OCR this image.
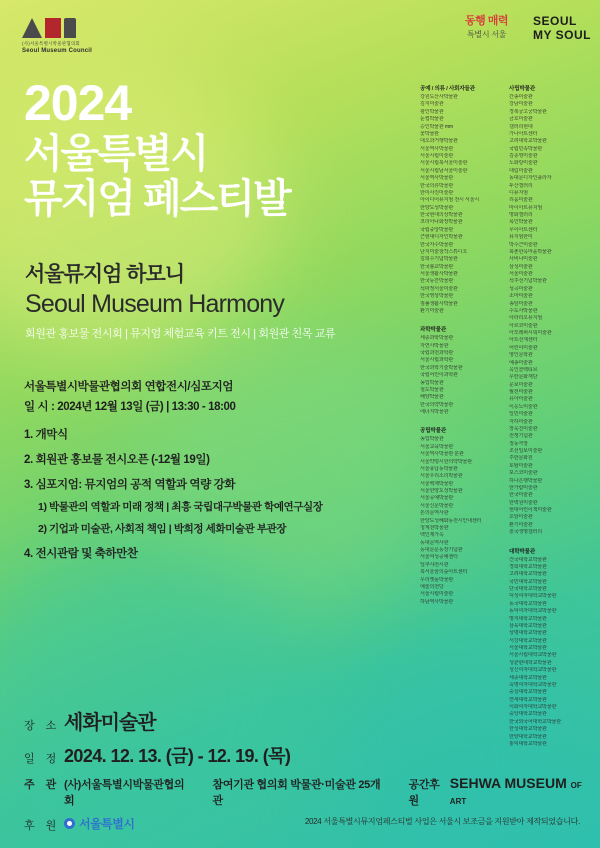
(사)서울특별시박물관협의회
Seoul Museum Council
동행 매력
특별시 서울
SEOUL
MY SOUL
2024
서울특별시
뮤지엄 페스티발
서울뮤지엄 하모니
Seoul Museum Harmony
회원관 홍보물 전시회 | 뮤지엄 체험교육 키트 전시 | 회원관 친목 교류
서울특별시박물관협의회 연합전시/심포지엄
일 시 : 2024년 12월 13일 (금) | 13:30 - 18:00
1. 개막식
2. 회원관 홍보물 전시오픈 (-12월 19일)
3. 심포지엄: 뮤지엄의 공적 역할과 역량 강화
1) 박물관의 역할과 미래 정책 | 최흥 국립대구박물관 학예연구실장
2) 기업과 미술관, 사회적 책임 | 박희정 세화미술관 부관장
4. 전시관람 및 축하만찬
장 소 세화미술관
일 정 2024. 12. 13. (금) - 12. 19. (목)
주 관 (사)서울특별시박물관협의회
참여기관 협의회 박물관·미술관 25개관
공간후원
SEHWA MUSEUM OF ART
후 원	서울특별시	2024 서울특별시뮤지엄페스티벌 사업은 서울시 보조금을 지원받아 제작되었습니다.
공예 / 의류 / 사회자들관
강원도산사박물관
김지미술관
광인박물관
눈썹박물관
승인박물관 mm
꽃박물관
대오과거행박물관
서울역사박물관
서울시립미술관
서울시립북서울미술관
서울시립남서울미술관
서울역사박물관
한국의류박물관
한미사진미술관
아이디어뮤지엄 전시 서울시
한양도성박물관
한국현대의상박물관
코리아나화장박물관
국립중앙박물관
근현대디자인박물관
한국자수박물관
난지미술창작스튜디오
김희수기념박물관
한국불교박물관
서울생활사박물관
한국등잔박물관
석파정서울미술관
한국영상박물관
짚풀생활사박물관
환기미술관
과학박물관
세종과학박물관
자연사박물관
국립과천과학관
서울시립과학관
한국과학기술박물관
국립어린이과학관
농업박물관
철도박물관
해양박물관
한국의약박물관
에너지박물관
공립박물관
농업박물관
서울교육박물관
서울역사박물관 분관
서울약령시한의약박물관
서울풍납동박물관
서울우리소리박물관
서울백제박물관
서울한양도성박물관
서울공예박물관
서울신문박물관
돈의문역사관
한양도성혜화동전시안내센터
청계천박물관
백인제가옥
동대문역사관
동대문운동장기념관
서울여성공예센터
딜쿠샤전시관
북서울꿈의숲아트센터
우리옛돌박물관
예술의전당
서울시립미술관
하남역사박물관
사립박물관
간송미술관
강남미술관
경복궁고궁박물관
금호미술관
갤러리현대
가나아트센터
고려대학교박물관
국립민속박물관
김종영미술관
노화랑미술관
대림미술관
동대문디자인플라자
두산갤러리
디뮤지엄
리움미술관
마이아트뮤지엄
명화갤러리
목인박물관
무이아트센터
뮤지엄한미
박수근미술관
북촌한옥마을박물관
사비나미술관
삼성미술관
서울미술관
석주선기념박물관
성곡미술관
소마미술관
송암미술관
수도사박물관
아라리오뮤지엄
아르코미술관
아모레퍼시픽미술관
아트선재센터
어린이미술관
영인문학관
예송미술관
옥인콜렉티브
우란문화재단
운보미술관
월전미술관
유아미술관
이응노미술관
일민미술관
자하미술관
장욱진미술관
전쟁기념관
정동극장
조선일보미술관
주한문화원
토탈미술관
포스코미술관
하나은행박물관
한가람미술관
한국미술관
한벽원미술관
현대어린이책미술관
호암미술관
환기미술관
흥국생명갤러리
대학박물관
건국대학교박물관
경희대학교박물관
고려대학교박물관
국민대학교박물관
단국대학교박물관
덕성여자대학교박물관
동국대학교박물관
동덕여자대학교박물관
명지대학교박물관
삼육대학교박물관
상명대학교박물관
서강대학교박물관
서울대학교박물관
서울시립대학교박물관
성균관대학교박물관
성신여자대학교박물관
세종대학교박물관
숙명여자대학교박물관
숭실대학교박물관
연세대학교박물관
이화여자대학교박물관
중앙대학교박물관
한국외국어대학교박물관
한성대학교박물관
한양대학교박물관
홍익대학교박물관
